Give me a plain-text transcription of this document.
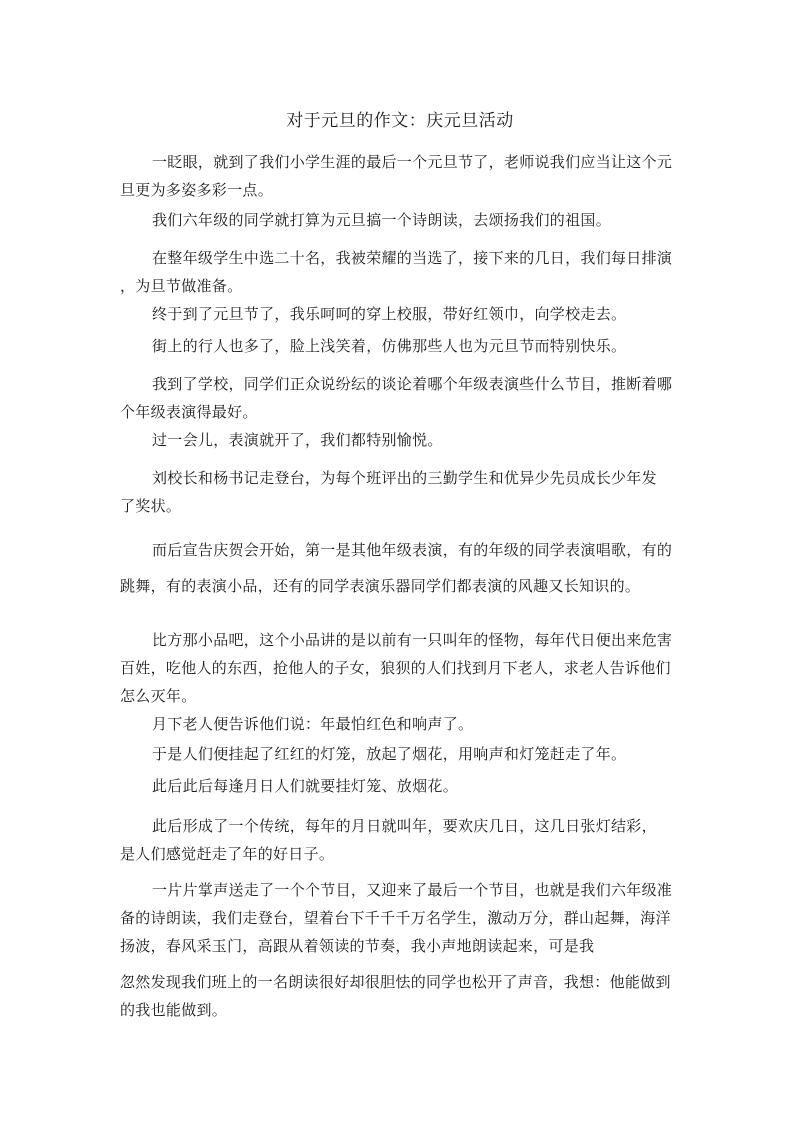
对于元旦的作文：庆元旦活动

一眨眼，就到了我们小学生涯的最后一个元旦节了，老师说我们应当让这个元
旦更为多姿多彩一点。

我们六年级的同学就打算为元旦搞一个诗朗读，去颂扬我们的祖国。

在整年级学生中选二十名，我被荣耀的当选了，接下来的几日，我们每日排演
，为旦节做准备。

终于到了元旦节了，我乐呵呵的穿上校服，带好红领巾，向学校走去。

街上的行人也多了，脸上浅笑着，仿佛那些人也为元旦节而特别快乐。

我到了学校，同学们正众说纷纭的谈论着哪个年级表演些什么节目，推断着哪
个年级表演得最好。

过一会儿，表演就开了，我们都特别愉悦。

刘校长和杨书记走登台，为每个班评出的三勤学生和优异少先员成长少年发
了奖状。

而后宣告庆贺会开始，第一是其他年级表演，有的年级的同学表演唱歌，有的

跳舞，有的表演小品，还有的同学表演乐器同学们都表演的风趣又长知识的。

比方那小品吧，这个小品讲的是以前有一只叫年的怪物，每年代日便出来危害
百姓，吃他人的东西，抢他人的子女，狼狈的人们找到月下老人，求老人告诉他们
怎么灭年。

月下老人便告诉他们说：年最怕红色和响声了。

于是人们便挂起了红红的灯笼，放起了烟花，用响声和灯笼赶走了年。

此后此后每逢月日人们就要挂灯笼、放烟花。

此后形成了一个传统，每年的月日就叫年，要欢庆几日，这几日张灯结彩，
是人们感觉赶走了年的好日子。

一片片掌声送走了一个个节目，又迎来了最后一个节目，也就是我们六年级准
备的诗朗读，我们走登台，望着台下千千千万名学生，激动万分，群山起舞，海洋
扬波，春风采玉门，高跟从着领读的节奏，我小声地朗读起来，可是我

忽然发现我们班上的一名朗读很好却很胆怯的同学也松开了声音，我想：他能做到
的我也能做到。
